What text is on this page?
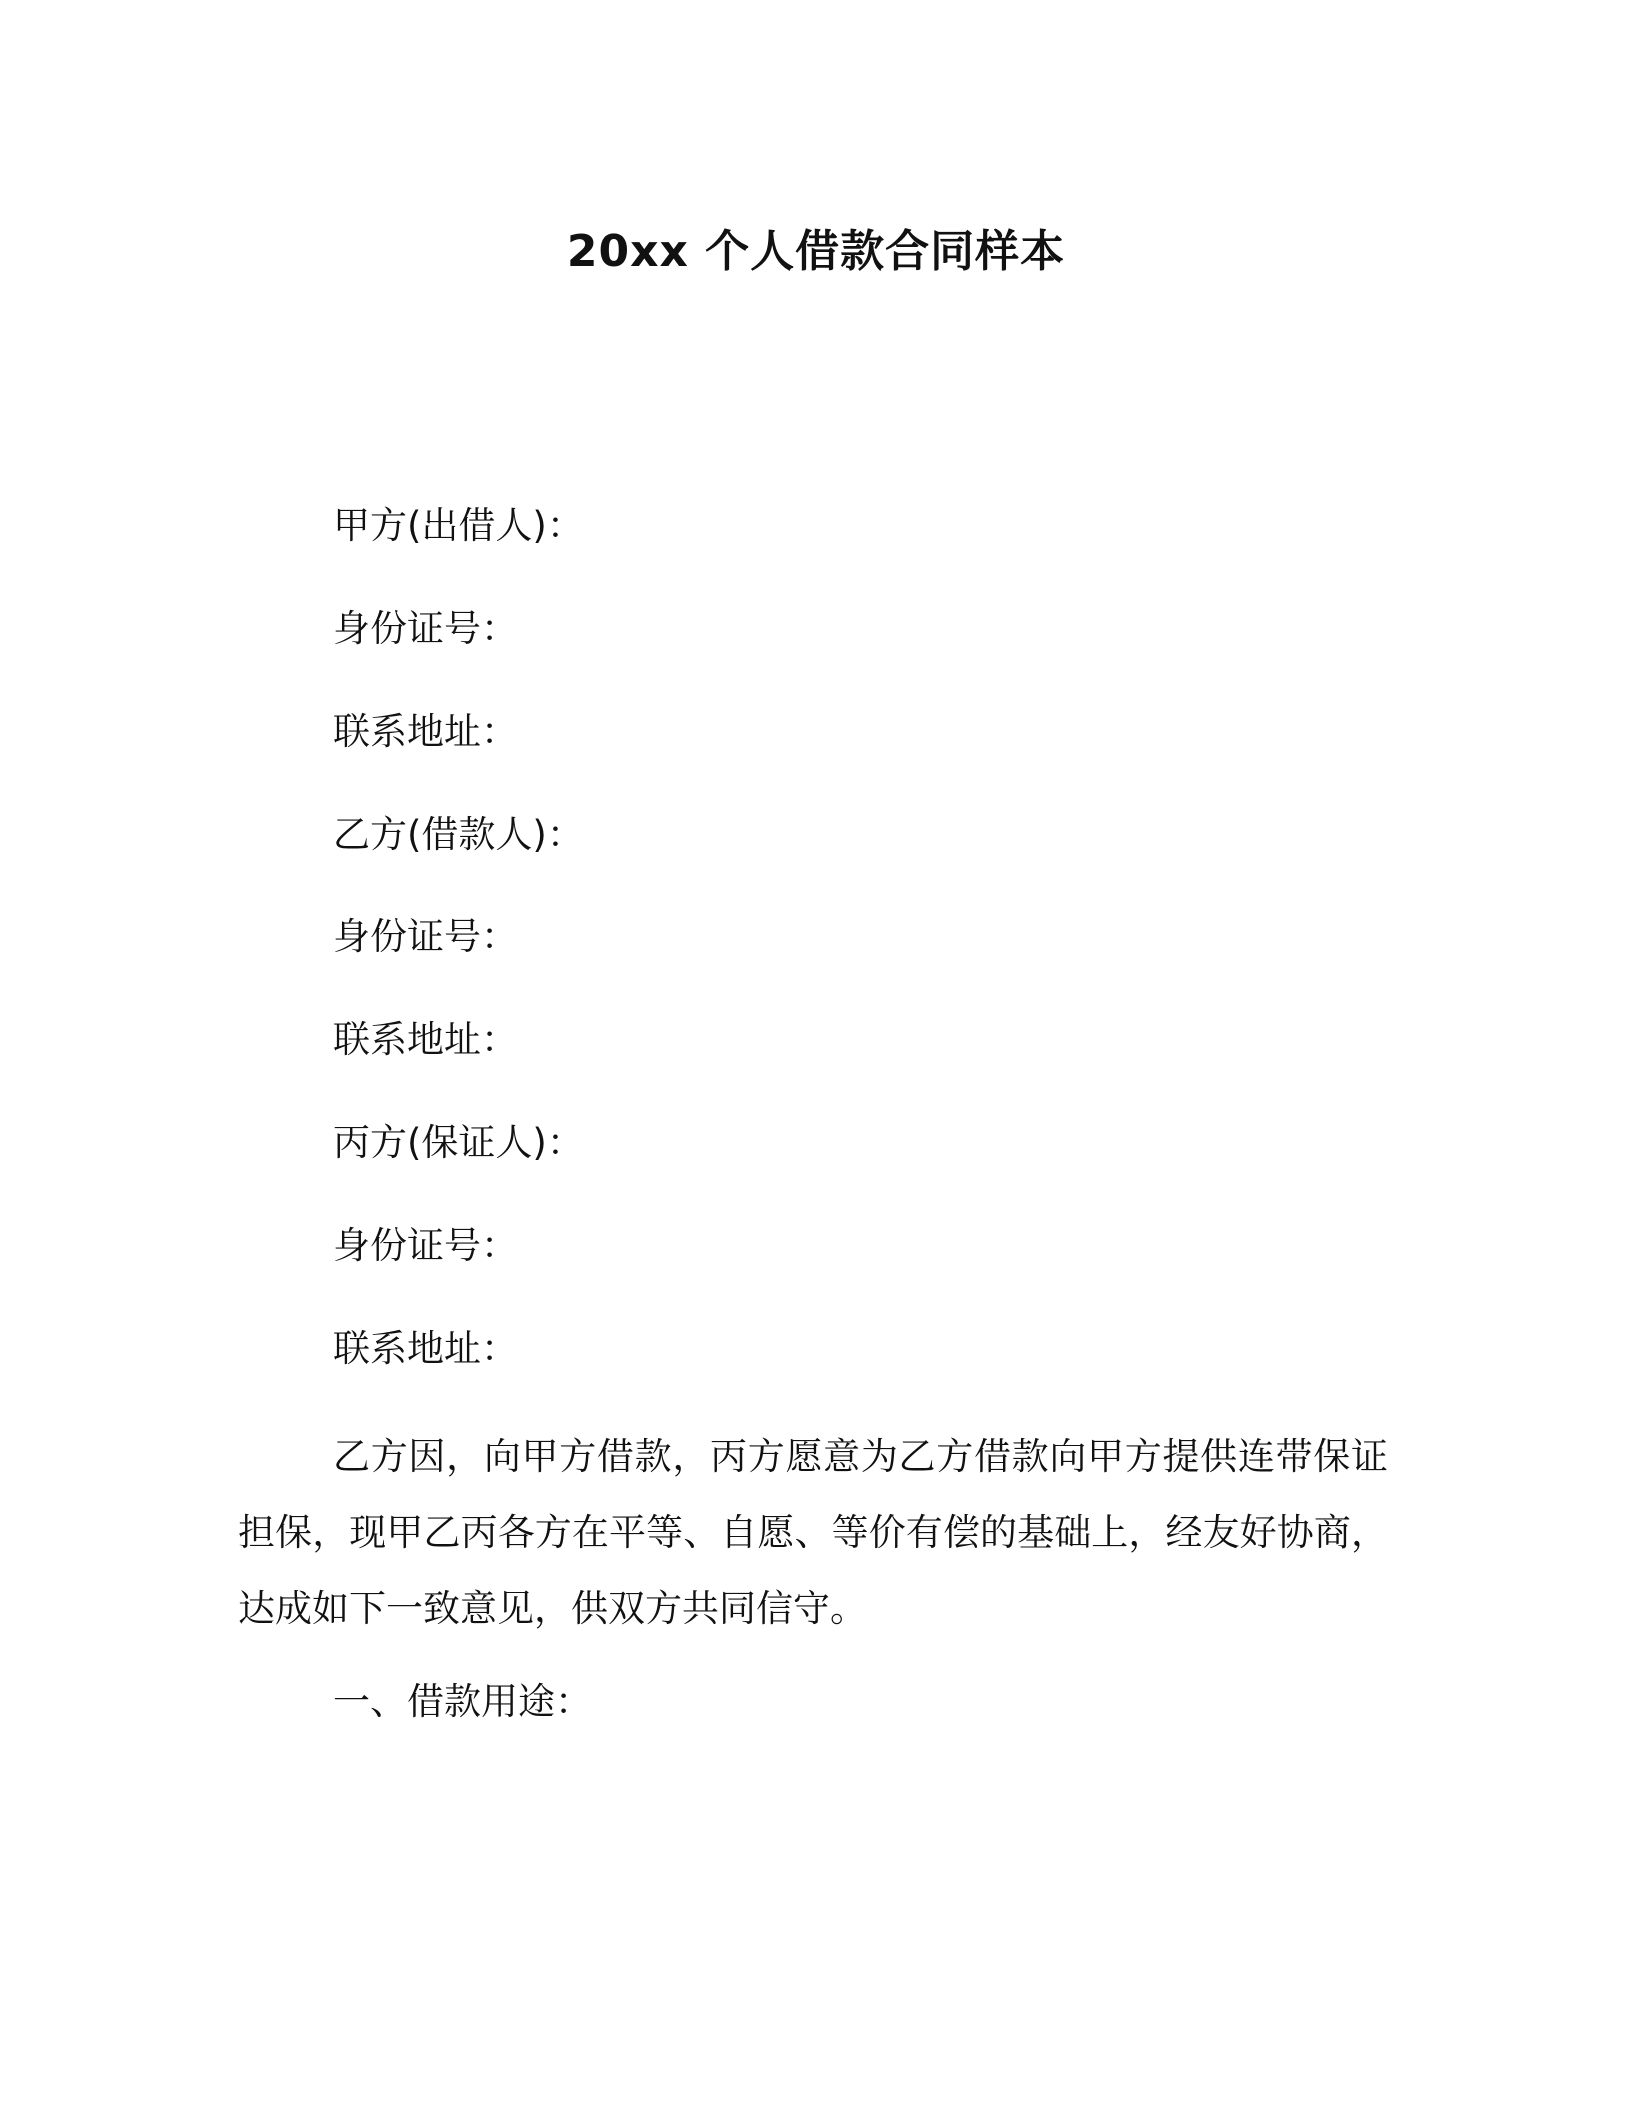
20xx 个人借款合同样本
甲方(出借人)：
身份证号：
联系地址：
乙方(借款人)：
身份证号：
联系地址：
丙方(保证人)：
身份证号：
联系地址：

乙方因，向甲方借款，丙方愿意为乙方借款向甲方提供连带保证担保，现甲乙丙各方在平等、自愿、等价有偿的基础上，经友好协商，达成如下一致意见，供双方共同信守。

一、借款用途：
